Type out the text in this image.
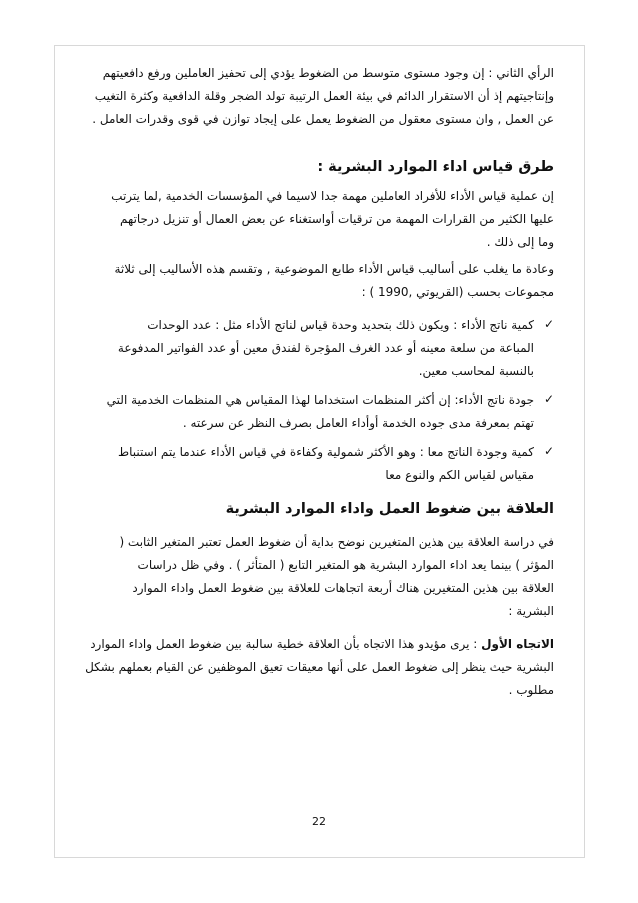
الرأي الثاني : إن وجود مستوى متوسط من الضغوط يؤدي إلى تحفيز العاملين ورفع دافعيتهم
وإنتاجيتهم إذ أن الاستقرار الدائم في بيئة العمل الرتيبة تولد الضجر وقلة الدافعية وكثرة التغيب
عن العمل , وان مستوى معقول من الضغوط يعمل على إيجاد توازن في قوى وقدرات العامل .
طرق قياس اداء الموارد البشرية :
إن عملية قياس الأداء للأفراد العاملين مهمة جدا لاسيما في المؤسسات الخدمية ,لما يترتب
عليها الكثير من القرارات المهمة من ترقيات أواستغناء عن بعض العمال أو تنزيل درجاتهم
وما إلى ذلك .
وعادة ما يغلب على أساليب قياس الأداء طابع الموضوعية , وتقسم هذه الأساليب إلى ثلاثة
مجموعات بحسب (القريوتي ,1990 ) :
✓
كمية ناتج الأداء : ويكون ذلك بتحديد وحدة قياس لناتج الأداء مثل : عدد الوحدات
المباعة من سلعة معينه أو عدد الغرف المؤجرة لفندق معين أو عدد الفواتير المدفوعة
بالنسبة لمحاسب معين.
✓
جودة ناتج الأداء: إن أكثر المنظمات استخداما لهذا المقياس هي المنظمات الخدمية التي
تهتم بمعرفة مدى جوده الخدمة أوأداء العامل بصرف النظر عن سرعته .
✓
كمية وجودة الناتج معا : وهو الأكثر شمولية وكفاءة في قياس الأداء عندما يتم استنباط
مقياس لقياس الكم والنوع معا
العلاقة بين ضغوط العمل واداء الموارد البشرية
في دراسة العلاقة بين هذين المتغيرين نوضح بداية أن ضغوط العمل تعتبر المتغير الثابت (
المؤثر ) بينما يعد اداء الموارد البشرية هو المتغير التابع ( المتأثر ) . وفي ظل دراسات
العلاقة بين هذين المتغيرين هناك أربعة اتجاهات للعلاقة بين ضغوط العمل واداء الموارد
البشرية :
الاتجاه الأول : يرى مؤيدو هذا الاتجاه بأن العلاقة خطية سالبة بين ضغوط العمل واداء الموارد
البشرية حيث ينظر إلى ضغوط العمل على أنها معيقات تعيق الموظفين عن القيام بعملهم بشكل
مطلوب .
22
